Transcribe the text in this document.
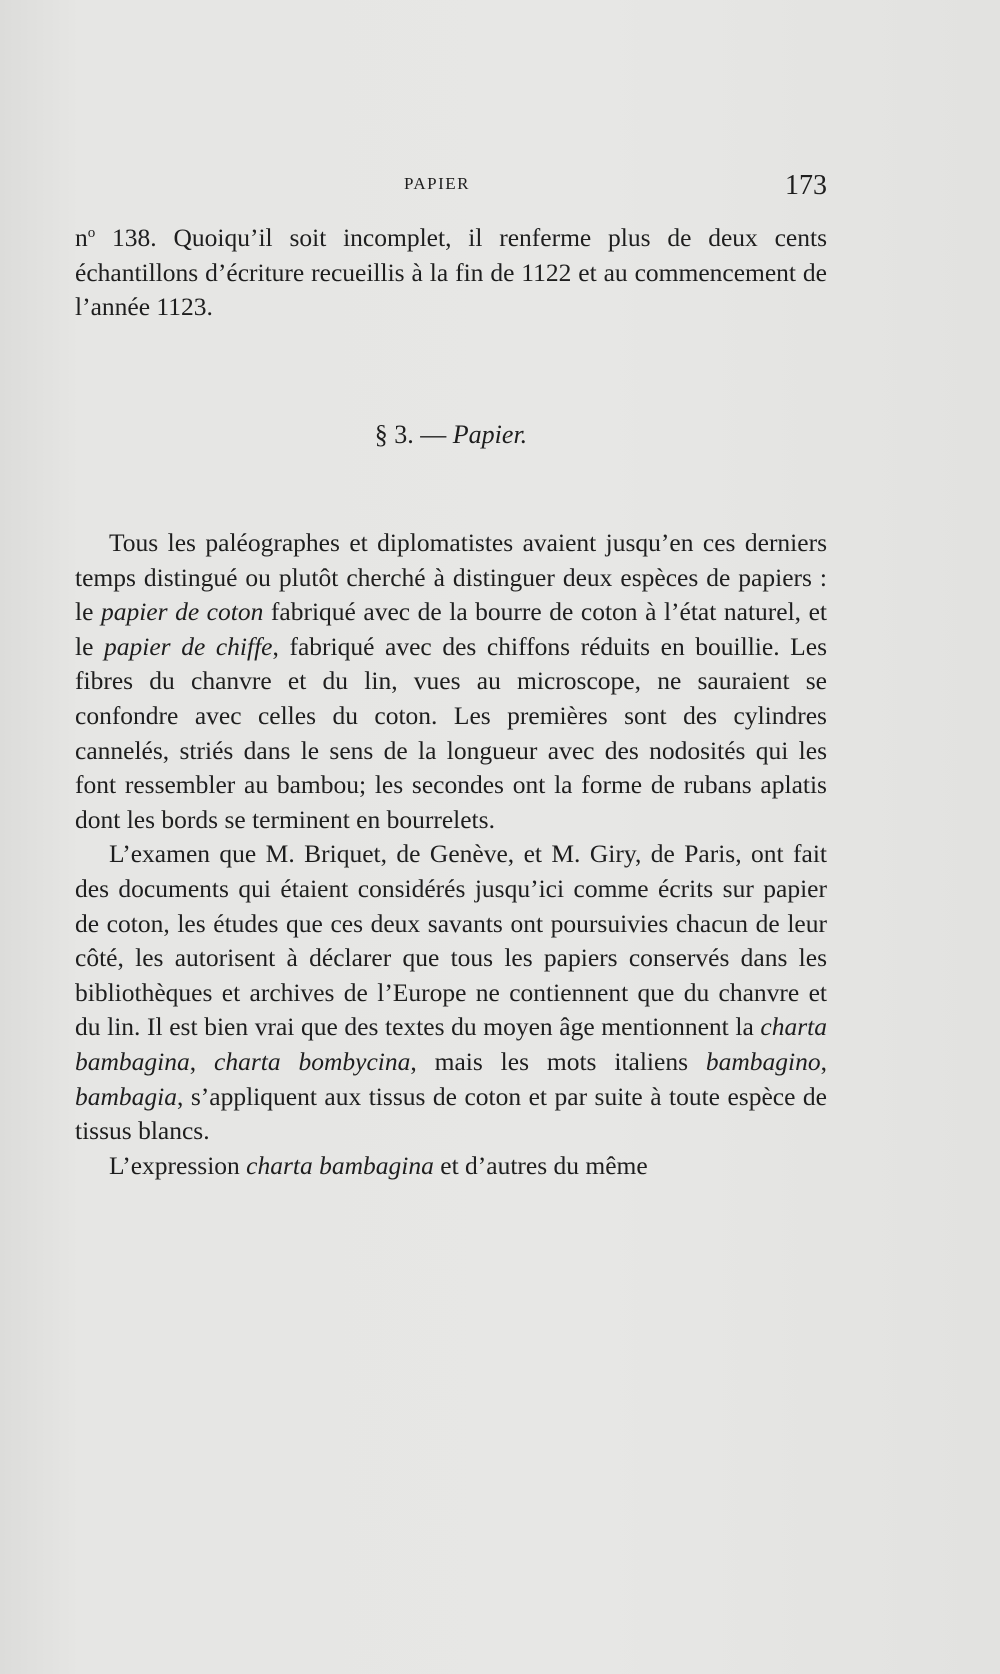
PAPIER	173

$n^o$ 138. Quoiqu’il soit incomplet, il renferme plus de deux cents échantillons d’écriture recueillis à la fin de 1122 et au commencement de l’année 1123.

§ 3. — Papier.

Tous les paléographes et diplomatistes avaient jusqu’en ces derniers temps distingué ou plutôt cherché à distinguer deux espèces de papiers : le papier de coton fabriqué avec de la bourre de coton à l’état naturel, et le papier de chiffe, fabriqué avec des chiffons réduits en bouillie. Les fibres du chanvre et du lin, vues au microscope, ne sauraient se confondre avec celles du coton. Les premières sont des cylindres cannelés, striés dans le sens de la longueur avec des nodosités qui les font ressembler au bambou; les secondes ont la forme de rubans aplatis dont les bords se terminent en bourrelets.

L’examen que M. Briquet, de Genève, et M. Giry, de Paris, ont fait des documents qui étaient considérés jusqu’ici comme écrits sur papier de coton, les études que ces deux savants ont poursuivies chacun de leur côté, les autorisent à déclarer que tous les papiers conservés dans les bibliothèques et archives de l’Europe ne contiennent que du chanvre et du lin. Il est bien vrai que des textes du moyen âge mentionnent la charta bambagina, charta bombycina, mais les mots italiens bambagino, bambagia, s’appliquent aux tissus de coton et par suite à toute espèce de tissus blancs.

L’expression charta bambagina et d’autres du même
